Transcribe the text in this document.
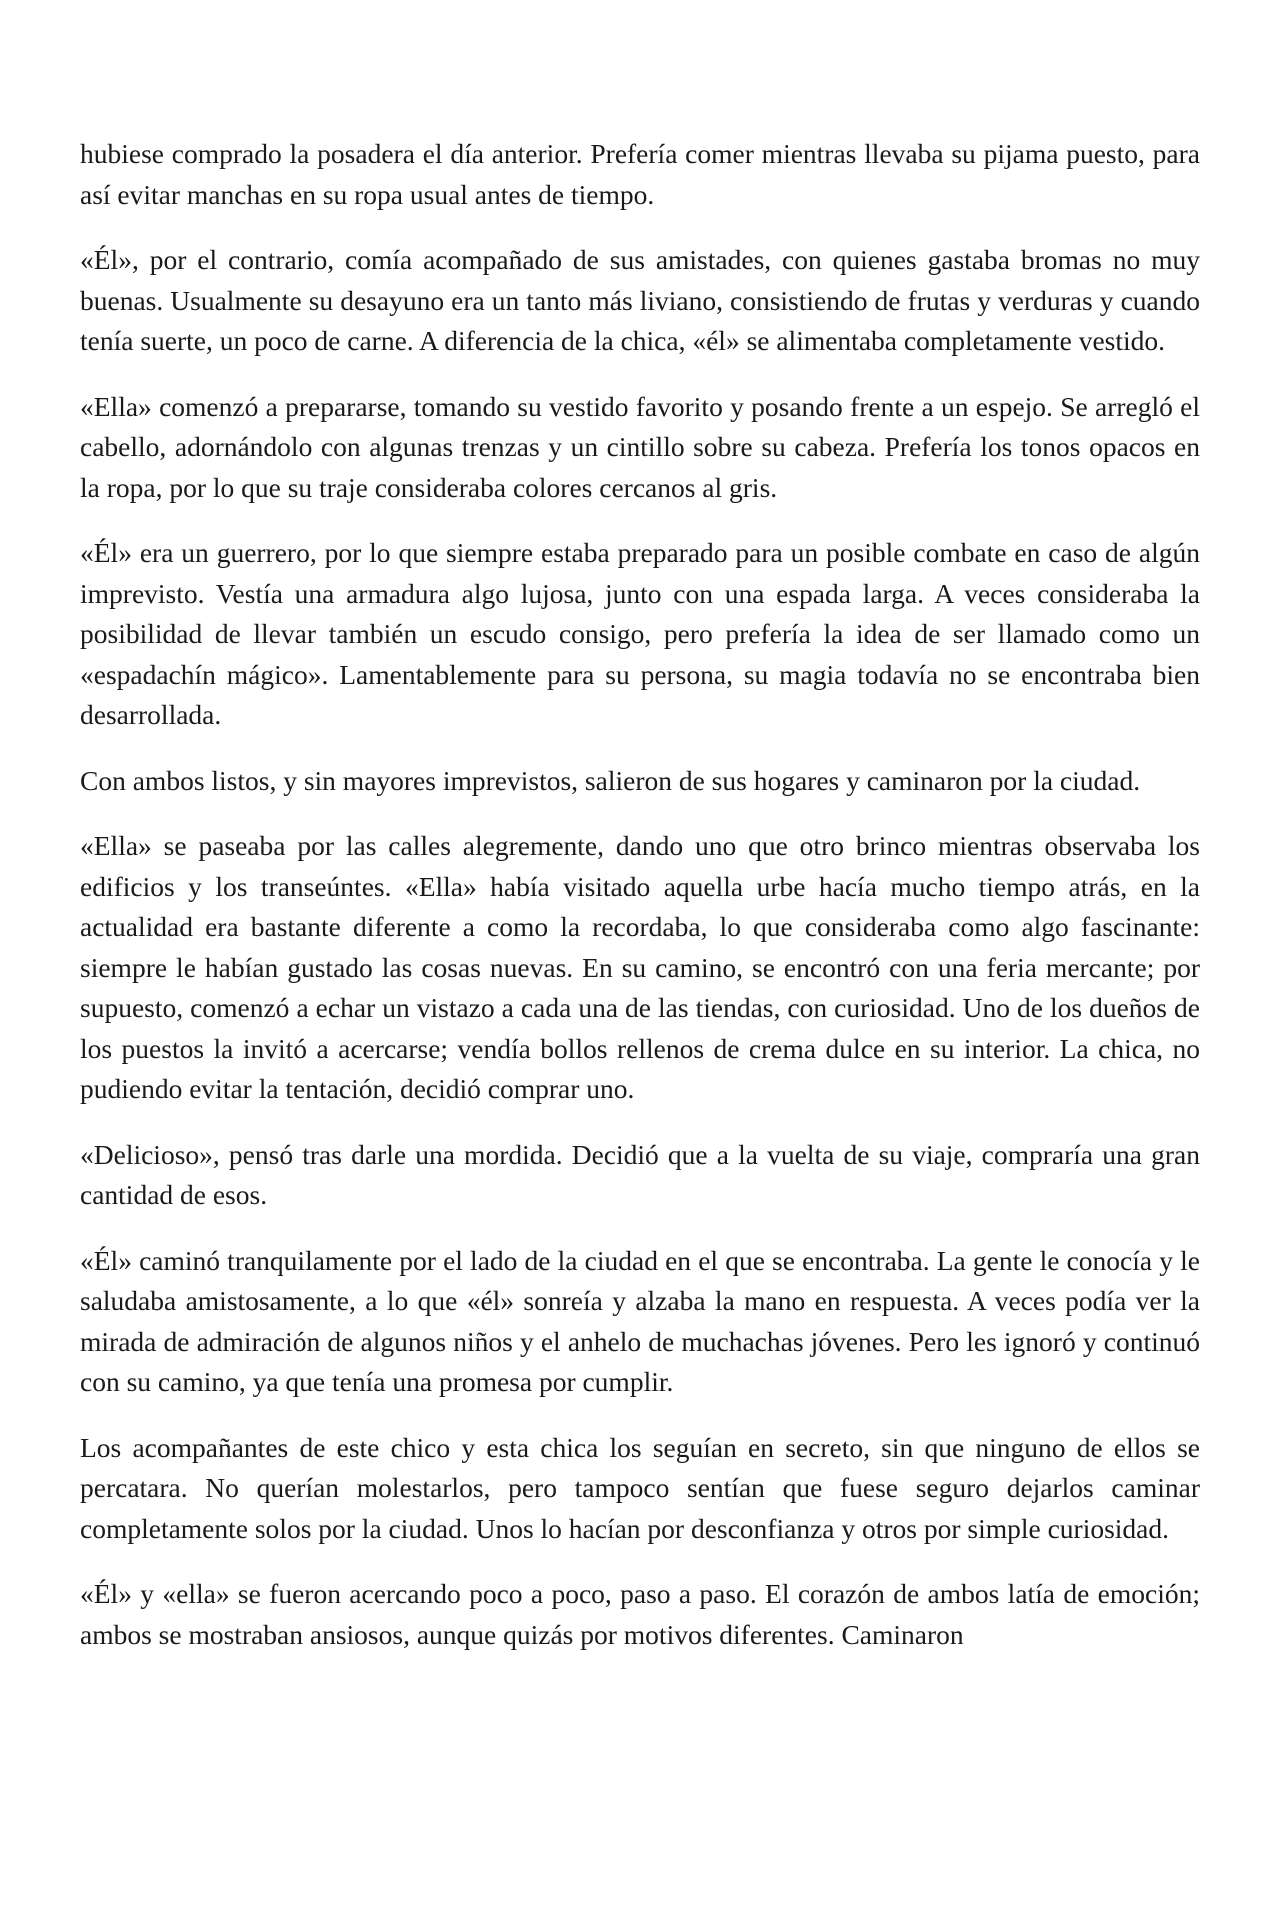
hubiese comprado la posadera el día anterior. Prefería comer mientras llevaba su pijama puesto, para así evitar manchas en su ropa usual antes de tiempo.

«Él», por el contrario, comía acompañado de sus amistades, con quienes gastaba bromas no muy buenas. Usualmente su desayuno era un tanto más liviano, consistiendo de frutas y verduras y cuando tenía suerte, un poco de carne. A diferencia de la chica, «él» se alimentaba completamente vestido.

«Ella» comenzó a prepararse, tomando su vestido favorito y posando frente a un espejo. Se arregló el cabello, adornándolo con algunas trenzas y un cintillo sobre su cabeza. Prefería los tonos opacos en la ropa, por lo que su traje consideraba colores cercanos al gris.

«Él» era un guerrero, por lo que siempre estaba preparado para un posible combate en caso de algún imprevisto. Vestía una armadura algo lujosa, junto con una espada larga. A veces consideraba la posibilidad de llevar también un escudo consigo, pero prefería la idea de ser llamado como un «espadachín mágico». Lamentablemente para su persona, su magia todavía no se encontraba bien desarrollada.

Con ambos listos, y sin mayores imprevistos, salieron de sus hogares y caminaron por la ciudad.

«Ella» se paseaba por las calles alegremente, dando uno que otro brinco mientras observaba los edificios y los transeúntes. «Ella» había visitado aquella urbe hacía mucho tiempo atrás, en la actualidad era bastante diferente a como la recordaba, lo que consideraba como algo fascinante: siempre le habían gustado las cosas nuevas. En su camino, se encontró con una feria mercante; por supuesto, comenzó a echar un vistazo a cada una de las tiendas, con curiosidad. Uno de los dueños de los puestos la invitó a acercarse; vendía bollos rellenos de crema dulce en su interior. La chica, no pudiendo evitar la tentación, decidió comprar uno.

«Delicioso», pensó tras darle una mordida. Decidió que a la vuelta de su viaje, compraría una gran cantidad de esos.

«Él» caminó tranquilamente por el lado de la ciudad en el que se encontraba. La gente le conocía y le saludaba amistosamente, a lo que «él» sonreía y alzaba la mano en respuesta. A veces podía ver la mirada de admiración de algunos niños y el anhelo de muchachas jóvenes. Pero les ignoró y continuó con su camino, ya que tenía una promesa por cumplir.

Los acompañantes de este chico y esta chica los seguían en secreto, sin que ninguno de ellos se percatara. No querían molestarlos, pero tampoco sentían que fuese seguro dejarlos caminar completamente solos por la ciudad. Unos lo hacían por desconfianza y otros por simple curiosidad.

«Él» y «ella» se fueron acercando poco a poco, paso a paso. El corazón de ambos latía de emoción; ambos se mostraban ansiosos, aunque quizás por motivos diferentes. Caminaron
